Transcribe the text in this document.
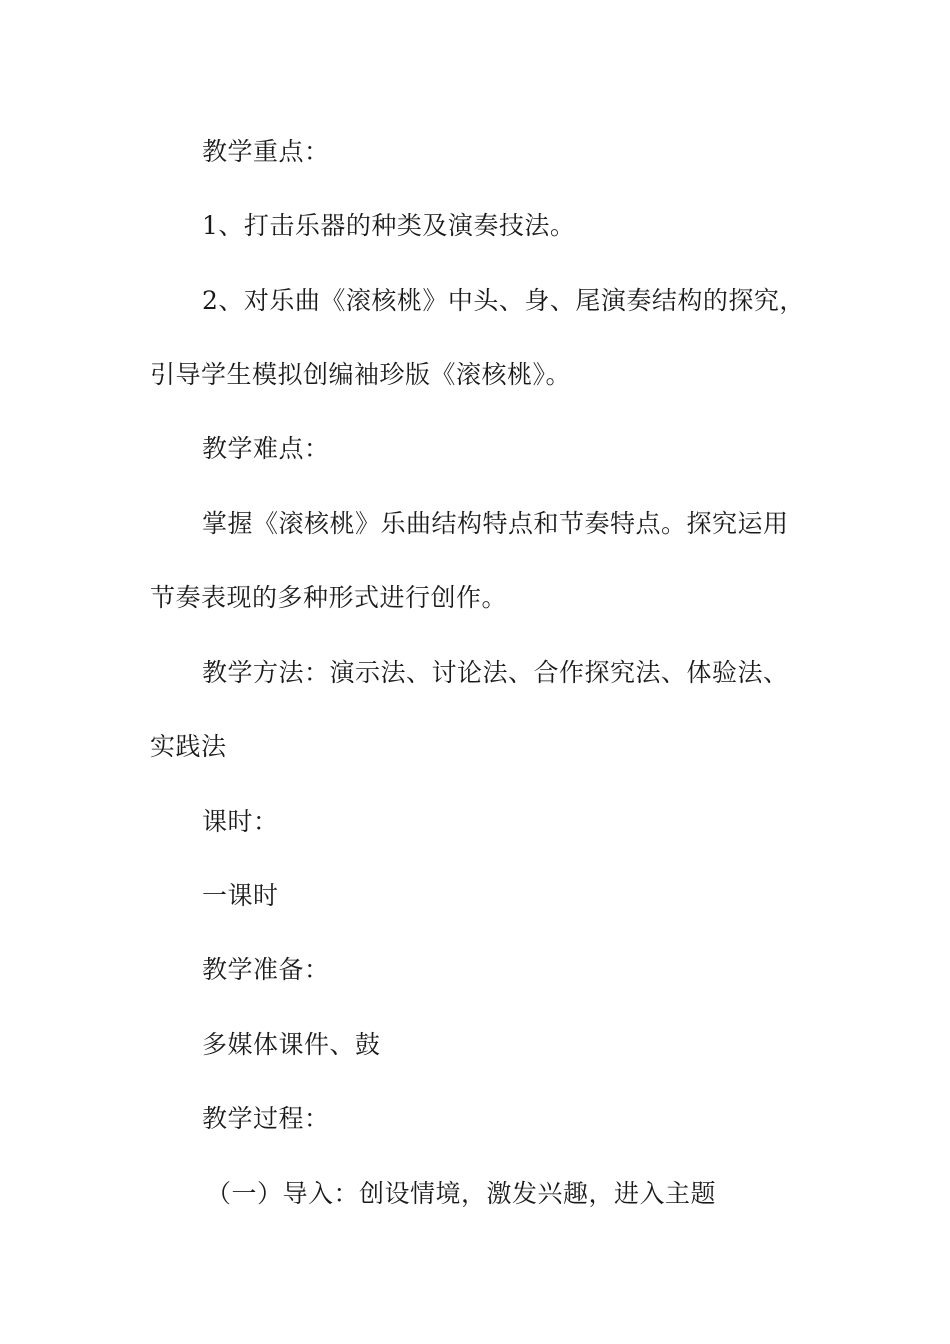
教学重点：
1、打击乐器的种类及演奏技法。
2、对乐曲《滚核桃》中头、身、尾演奏结构的探究，
引导学生模拟创编袖珍版《滚核桃》。
教学难点：
掌握《滚核桃》乐曲结构特点和节奏特点。探究运用
节奏表现的多种形式进行创作。
教学方法：演示法、讨论法、合作探究法、体验法、
实践法
课时：
一课时
教学准备：
多媒体课件、鼓
教学过程：
（一）导入：创设情境，激发兴趣，进入主题
